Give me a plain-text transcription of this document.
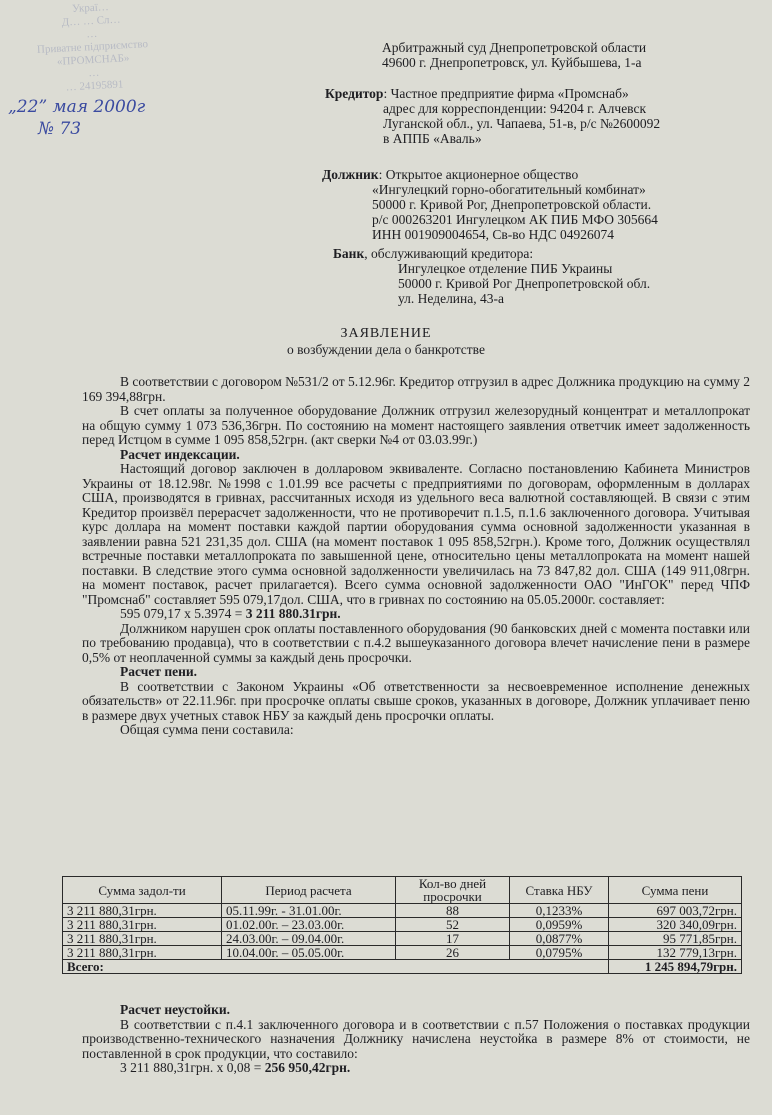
Украї…
Д… … Сл…
…
Приватне підприємство
«ПРОМСНАБ»
…
… 24195891
„22” мая 2000г
№ 73
Арбитражный суд Днепропетровской области
49600 г. Днепропетровск, ул. Куйбышева, 1-а
Кредитор: Частное предприятие фирма «Промснаб»
адрес для корреспонденции: 94204 г. Алчевск
Луганской обл., ул. Чапаева, 51-в, р/с №2600092
в АППБ «Аваль»
Должник: Открытое акционерное общество
«Ингулецкий горно-обогатительный комбинат»
50000 г. Кривой Рог, Днепропетровской области.
р/с 000263201 Ингулецком АК ПИБ МФО 305664
ИНН 001909004654, Св-во НДС 04926074
Банк, обслуживающий кредитора:
Ингулецкое отделение ПИБ Украины
50000 г. Кривой Рог Днепропетровской обл.
ул. Неделина, 43-а
ЗАЯВЛЕНИЕ
о возбуждении дела о банкротстве

В соответствии с договором №531/2 от 5.12.96г. Кредитор отгрузил в адрес Должника продукцию на сумму 2 169 394,88грн.

В счет оплаты за полученное оборудование Должник отгрузил железорудный концентрат и металлопрокат на общую сумму 1 073 536,36грн. По состоянию на момент настоящего заявления ответчик имеет задолженность перед Истцом в сумме 1 095 858,52грн. (акт сверки №4 от 03.03.99г.)

Расчет индексации.

Настоящий договор заключен в долларовом эквиваленте. Согласно постановлению Кабинета Министров Украины от 18.12.98г. №1998 с 1.01.99 все расчеты с предприятиями по договорам, оформленным в долларах США, производятся в гривнах, рассчитанных исходя из удельного веса валютной составляющей. В связи с этим Кредитор произвёл перерасчет задолженности, что не противоречит п.1.5, п.1.6 заключенного договора. Учитывая курс доллара на момент поставки каждой партии оборудования сумма основной задолженности указанная в заявлении равна 521 231,35 дол. США (на момент поставок 1 095 858,52грн.). Кроме того, Должник осуществлял встречные поставки металлопроката по завышенной цене, относительно цены металлопроката на момент нашей поставки. В следствие этого сумма основной задолженности увеличилась на 73 847,82 дол. США (149 911,08грн. на момент поставок, расчет прилагается). Всего сумма основной задолженности ОАО "ИнГОК" перед ЧПФ "Промснаб" составляет 595 079,17дол. США, что в гривнах по состоянию на 05.05.2000г. составляет:

595 079,17 x 5.3974 = 3 211 880.31грн.

Должником нарушен срок оплаты поставленного оборудования (90 банковских дней с момента поставки или по требованию продавца), что в соответствии с п.4.2 вышеуказанного договора влечет начисление пени в размере 0,5% от неоплаченной суммы за каждый день просрочки.

Расчет пени.

В соответствии с Законом Украины «Об ответственности за несвоевременное исполнение денежных обязательств» от 22.11.96г. при просрочке оплаты свыше сроков, указанных в договоре, Должник уплачивает пеню в размере двух учетных ставок НБУ за каждый день просрочки оплаты.

Общая сумма пени составила:

Сумма задол-ти	Период расчета	Кол-во дней просрочки	Ставка НБУ	Сумма пени
3 211 880,31грн.	05.11.99г. - 31.01.00г.	88	0,1233%	697 003,72грн.
3 211 880,31грн.	01.02.00г. – 23.03.00г.	52	0,0959%	320 340,09грн.
3 211 880,31грн.	24.03.00г. – 09.04.00г.	17	0,0877%	95 771,85грн.
3 211 880,31грн.	10.04.00г. – 05.05.00г.	26	0,0795%	132 779,13грн.
Всего:				1 245 894,79грн.

Расчет неустойки.

В соответствии с п.4.1 заключенного договора и в соответствии с п.57 Положения о поставках продукции производственно-технического назначения Должнику начислена неустойка в размере 8% от стоимости, не поставленной в срок продукции, что составило:

3 211 880,31грн. x 0,08 = 256 950,42грн.
